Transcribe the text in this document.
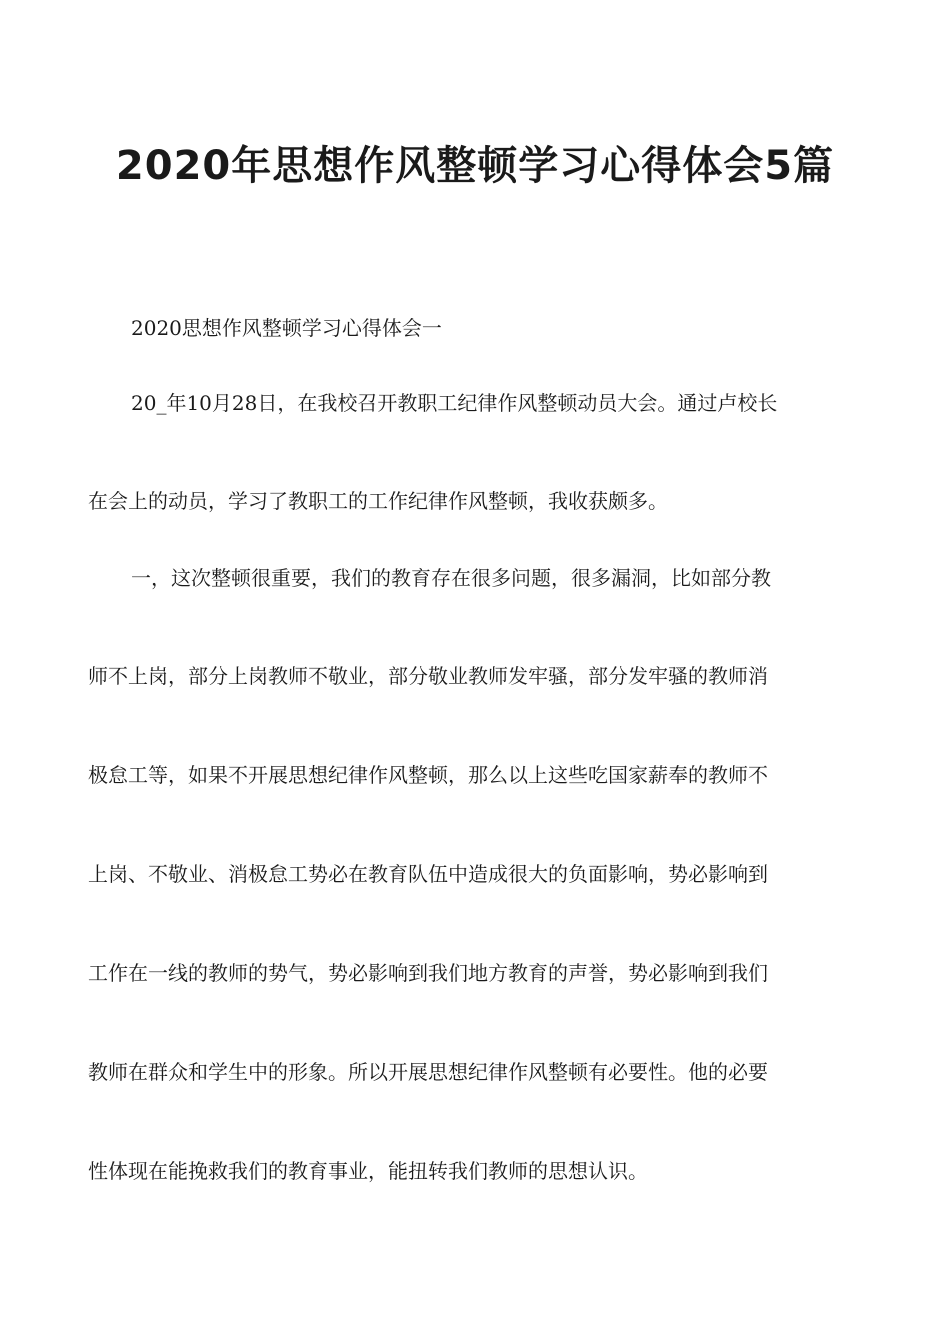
2020年思想作风整顿学习心得体会5篇

2020思想作风整顿学习心得体会一

20_年10月28日，在我校召开教职工纪律作风整顿动员大会。通过卢校长

在会上的动员，学习了教职工的工作纪律作风整顿，我收获颇多。

一，这次整顿很重要，我们的教育存在很多问题，很多漏洞，比如部分教

师不上岗，部分上岗教师不敬业，部分敬业教师发牢骚，部分发牢骚的教师消

极怠工等，如果不开展思想纪律作风整顿，那么以上这些吃国家薪奉的教师不

上岗、不敬业、消极怠工势必在教育队伍中造成很大的负面影响，势必影响到

工作在一线的教师的势气，势必影响到我们地方教育的声誉，势必影响到我们

教师在群众和学生中的形象。所以开展思想纪律作风整顿有必要性。他的必要

性体现在能挽救我们的教育事业，能扭转我们教师的思想认识。
